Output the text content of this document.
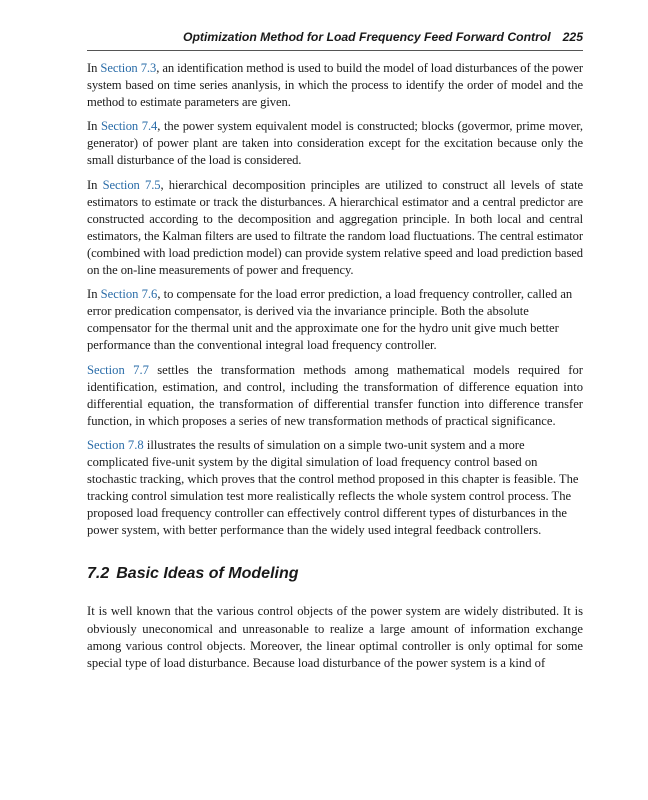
Optimization Method for Load Frequency Feed Forward Control 225

In Section 7.3, an identification method is used to build the model of load disturbances of the power system based on time series ananlysis, in which the process to identify the order of model and the method to estimate parameters are given.

In Section 7.4, the power system equivalent model is constructed; blocks (govermor, prime mover, generator) of power plant are taken into consideration except for the excitation because only the small disturbance of the load is considered.

In Section 7.5, hierarchical decomposition principles are utilized to construct all levels of state estimators to estimate or track the disturbances. A hierarchical estimator and a central predictor are constructed according to the decomposition and aggregation principle. In both local and central estimators, the Kalman filters are used to filtrate the random load fluctuations. The central estimator (combined with load prediction model) can provide system relative speed and load prediction based on the on-line measurements of power and frequency.

In Section 7.6, to compensate for the load error prediction, a load frequency controller, called an error predication compensator, is derived via the invariance principle. Both the absolute compensator for the thermal unit and the approximate one for the hydro unit give much better performance than the conventional integral load frequency controller.

Section 7.7 settles the transformation methods among mathematical models required for identification, estimation, and control, including the transformation of difference equation into differential equation, the transformation of differential transfer function into difference transfer function, in which proposes a series of new transformation methods of practical significance.

Section 7.8 illustrates the results of simulation on a simple two-unit system and a more complicated five-unit system by the digital simulation of load frequency control based on stochastic tracking, which proves that the control method proposed in this chapter is feasible. The tracking control simulation test more realistically reflects the whole system control process. The proposed load frequency controller can effectively control different types of disturbances in the power system, with better performance than the widely used integral feedback controllers.

7.2 Basic Ideas of Modeling

It is well known that the various control objects of the power system are widely distributed. It is obviously uneconomical and unreasonable to realize a large amount of information exchange among various control objects. Moreover, the linear optimal controller is only optimal for some special type of load disturbance. Because load disturbance of the power system is a kind of
